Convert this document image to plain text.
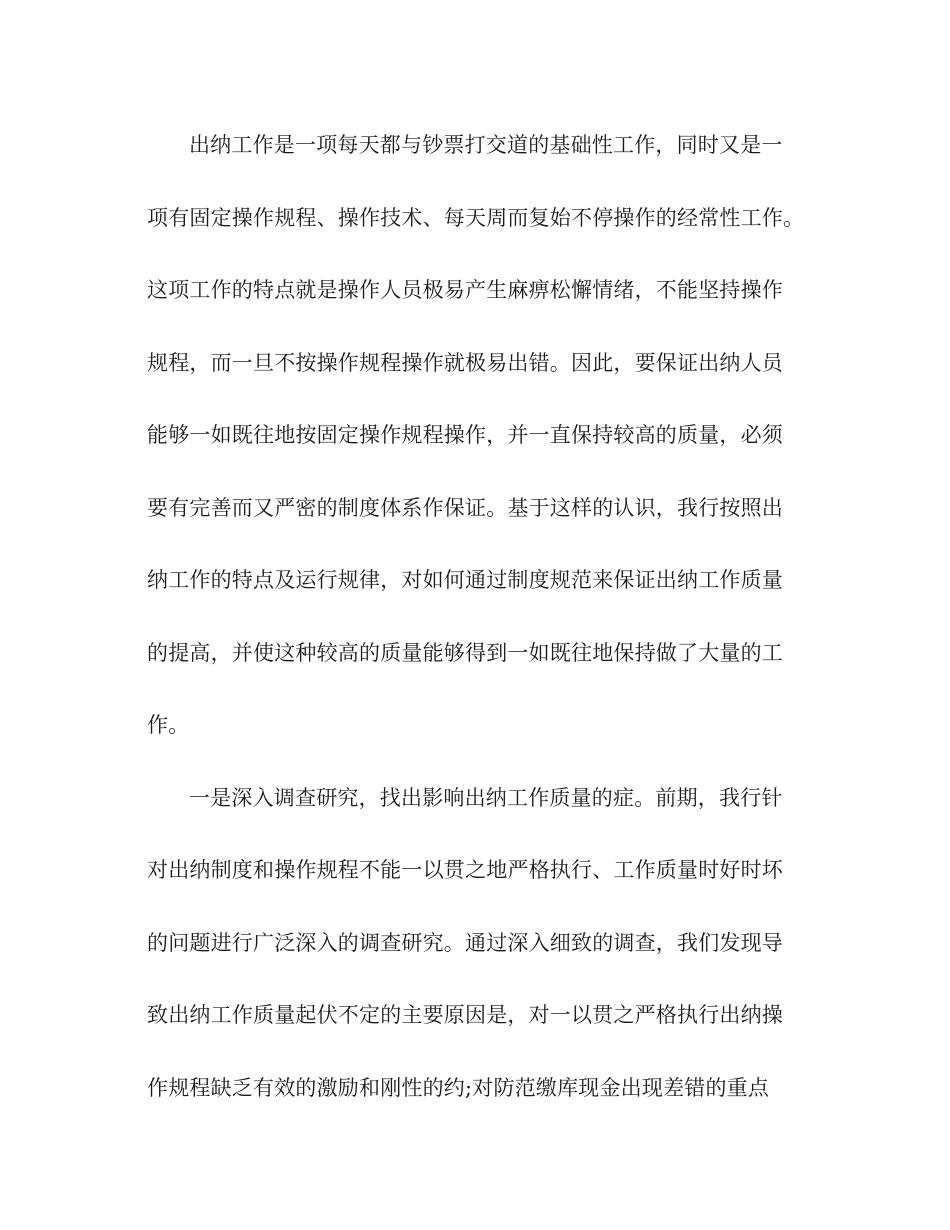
出纳工作是一项每天都与钞票打交道的基础性工作，同时又是一
项有固定操作规程、操作技术、每天周而复始不停操作的经常性工作。
这项工作的特点就是操作人员极易产生麻痹松懈情绪，不能坚持操作
规程，而一旦不按操作规程操作就极易出错。因此，要保证出纳人员
能够一如既往地按固定操作规程操作，并一直保持较高的质量，必须
要有完善而又严密的制度体系作保证。基于这样的认识，我行按照出
纳工作的特点及运行规律，对如何通过制度规范来保证出纳工作质量
的提高，并使这种较高的质量能够得到一如既往地保持做了大量的工
作。
一是深入调查研究，找出影响出纳工作质量的症。前期，我行针
对出纳制度和操作规程不能一以贯之地严格执行、工作质量时好时坏
的问题进行广泛深入的调查研究。通过深入细致的调查，我们发现导
致出纳工作质量起伏不定的主要原因是，对一以贯之严格执行出纳操
作规程缺乏有效的激励和刚性的约;对防范缴库现金出现差错的重点
